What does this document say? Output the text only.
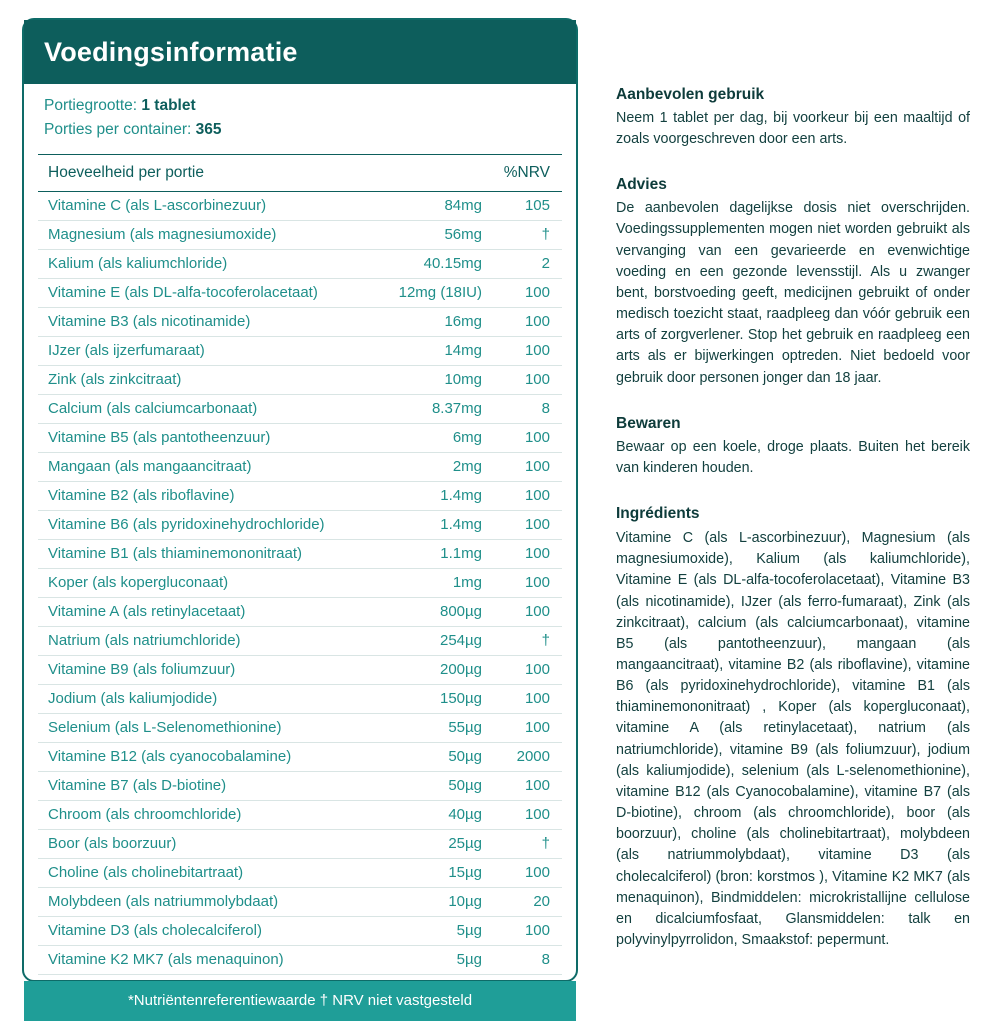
Voedingsinformatie
Portiegrootte: 1 tablet
Porties per container: 365
Hoeveelheid per portie	%NRV
Vitamine C (als L-ascorbinezuur)	84mg	105
Magnesium (als magnesiumoxide)	56mg	†
Kalium (als kaliumchloride)	40.15mg	2
Vitamine E (als DL-alfa-tocoferolacetaat)	12mg (18IU)	100
Vitamine B3 (als nicotinamide)	16mg	100
IJzer (als ijzerfumaraat)	14mg	100
Zink (als zinkcitraat)	10mg	100
Calcium (als calciumcarbonaat)	8.37mg	8
Vitamine B5 (als pantotheenzuur)	6mg	100
Mangaan (als mangaancitraat)	2mg	100
Vitamine B2 (als riboflavine)	1.4mg	100
Vitamine B6 (als pyridoxinehydrochloride)	1.4mg	100
Vitamine B1 (als thiaminemononitraat)	1.1mg	100
Koper (als kopergluconaat)	1mg	100
Vitamine A (als retinylacetaat)	800µg	100
Natrium (als natriumchloride)	254µg	†
Vitamine B9 (als foliumzuur)	200µg	100
Jodium (als kaliumjodide)	150µg	100
Selenium (als L-Selenomethionine)	55µg	100
Vitamine B12 (als cyanocobalamine)	50µg	2000
Vitamine B7 (als D-biotine)	50µg	100
Chroom (als chroomchloride)	40µg	100
Boor (als boorzuur)	25µg	†
Choline (als cholinebitartraat)	15µg	100
Molybdeen (als natriummolybdaat)	10µg	20
Vitamine D3 (als cholecalciferol)	5µg	100
Vitamine K2 MK7 (als menaquinon)	5µg	8
*Nutriëntenreferentiewaarde † NRV niet vastgesteld
Aanbevolen gebruik
Neem 1 tablet per dag, bij voorkeur bij een maaltijd of zoals voorgeschreven door een arts.
Advies
De aanbevolen dagelijkse dosis niet overschrijden. Voedingssupplementen mogen niet worden gebruikt als vervanging van een gevarieerde en evenwichtige voeding en een gezonde levensstijl. Als u zwanger bent, borstvoeding geeft, medicijnen gebruikt of onder medisch toezicht staat, raadpleeg dan vóór gebruik een arts of zorgverlener. Stop het gebruik en raadpleeg een arts als er bijwerkingen optreden. Niet bedoeld voor gebruik door personen jonger dan 18 jaar.
Bewaren
Bewaar op een koele, droge plaats. Buiten het bereik van kinderen houden.
Ingrédients
Vitamine C (als L-ascorbinezuur), Magnesium (als magnesiumoxide), Kalium (als kaliumchloride), Vitamine E (als DL-alfa-tocoferolacetaat), Vitamine B3 (als nicotinamide), IJzer (als ferro-fumaraat), Zink (als zinkcitraat), calcium (als calciumcarbonaat), vitamine B5 (als pantotheenzuur), mangaan (als mangaancitraat), vitamine B2 (als riboflavine), vitamine B6 (als pyridoxinehydrochloride), vitamine B1 (als thiaminemononitraat) , Koper (als kopergluconaat), vitamine A (als retinylacetaat), natrium (als natriumchloride), vitamine B9 (als foliumzuur), jodium (als kaliumjodide), selenium (als L-selenomethionine), vitamine B12 (als Cyanocobalamine), vitamine B7 (als D-biotine), chroom (als chroomchloride), boor (als boorzuur), choline (als cholinebitartraat), molybdeen (als natriummolybdaat), vitamine D3 (als cholecalciferol) (bron: korstmos ), Vitamine K2 MK7 (als menaquinon), Bindmiddelen: microkristallijne cellulose en dicalciumfosfaat, Glansmiddelen: talk en polyvinylpyrrolidon, Smaakstof: pepermunt.
